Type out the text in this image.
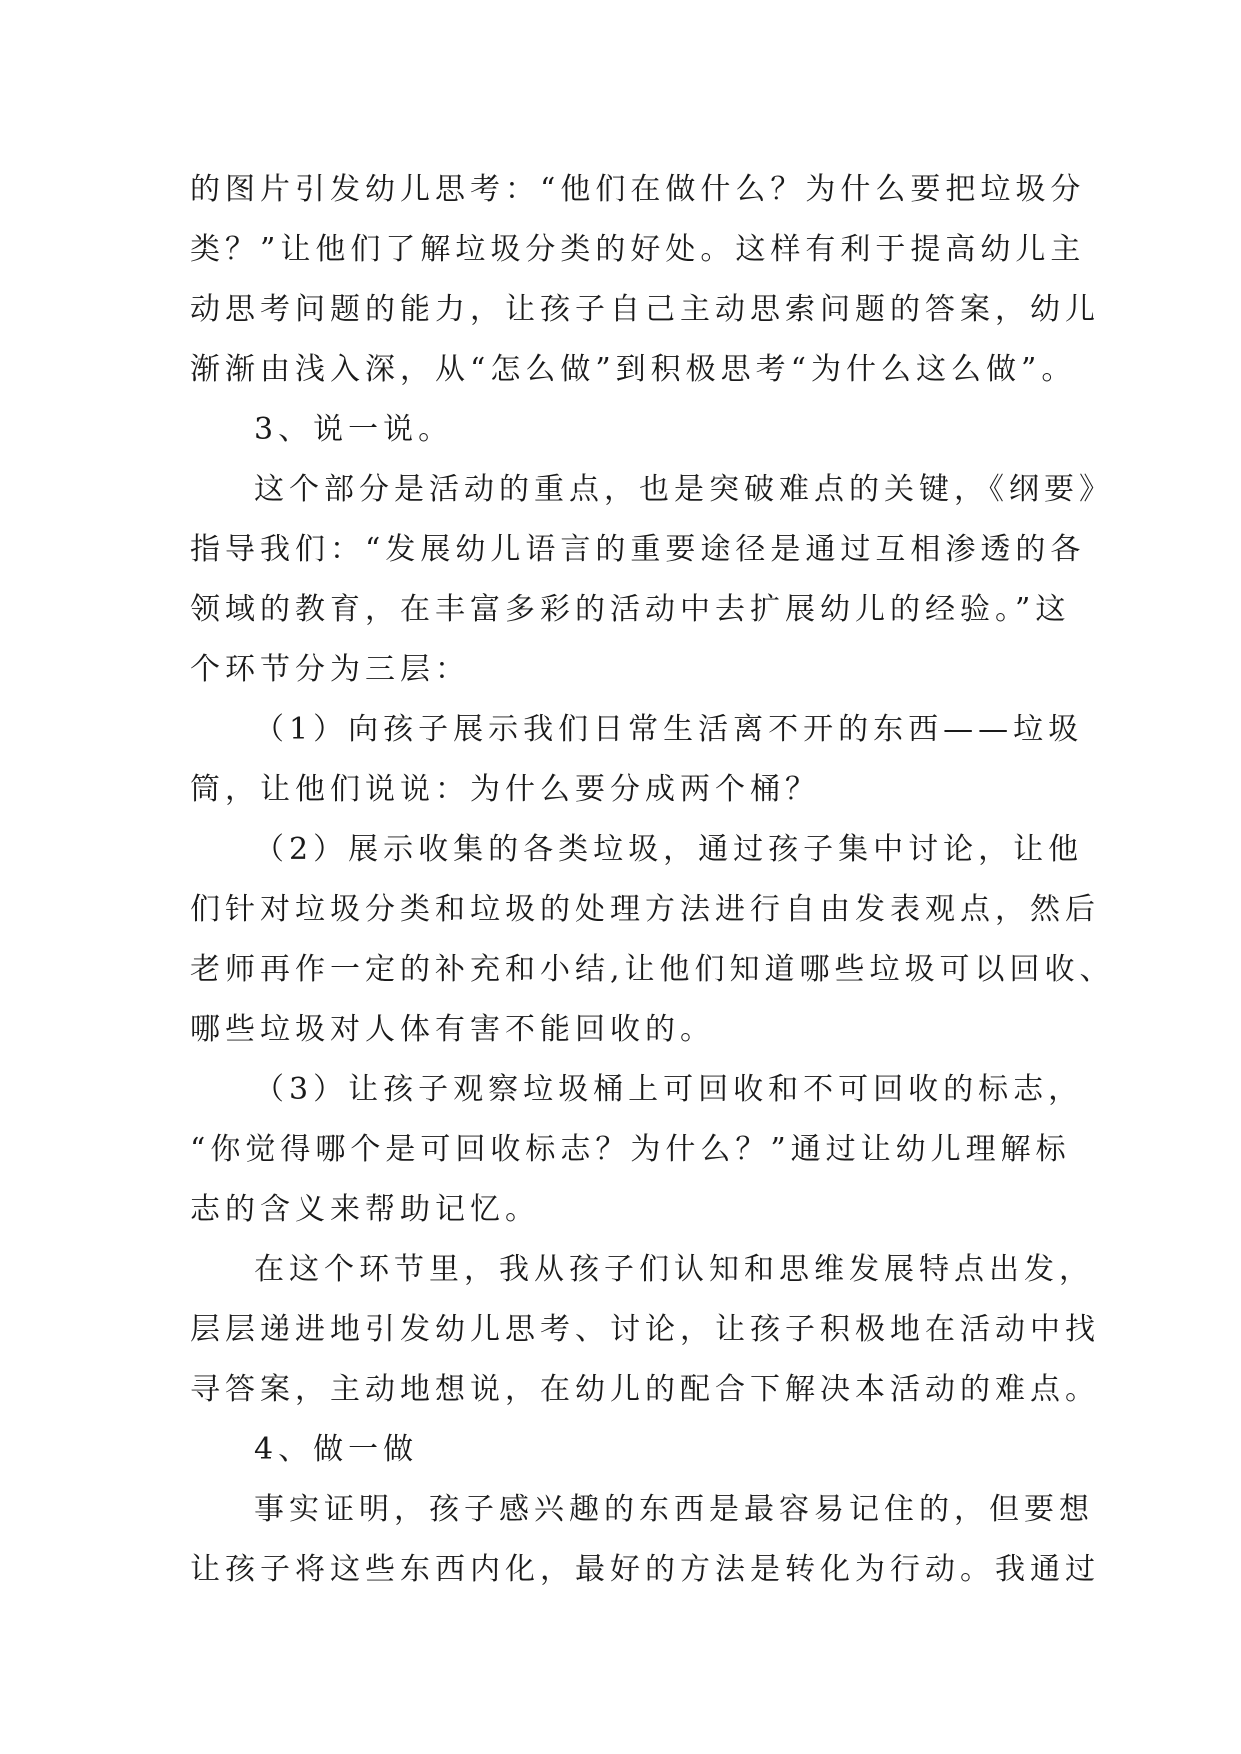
的图片引发幼儿思考：“他们在做什么？为什么要把垃圾分
类？”让他们了解垃圾分类的好处。这样有利于提高幼儿主
动思考问题的能力，让孩子自己主动思索问题的答案，幼儿
渐渐由浅入深，从“怎么做”到积极思考“为什么这么做”。
3、说一说。
这个部分是活动的重点，也是突破难点的关键，《纲要》
指导我们：“发展幼儿语言的重要途径是通过互相渗透的各
领域的教育，在丰富多彩的活动中去扩展幼儿的经验。”这
个环节分为三层：
（1）向孩子展示我们日常生活离不开的东西——垃圾
筒，让他们说说：为什么要分成两个桶？
（2）展示收集的各类垃圾，通过孩子集中讨论，让他
们针对垃圾分类和垃圾的处理方法进行自由发表观点，然后
老师再作一定的补充和小结,让他们知道哪些垃圾可以回收、
哪些垃圾对人体有害不能回收的。
（3）让孩子观察垃圾桶上可回收和不可回收的标志，
“你觉得哪个是可回收标志？为什么？”通过让幼儿理解标
志的含义来帮助记忆。
在这个环节里，我从孩子们认知和思维发展特点出发，
层层递进地引发幼儿思考、讨论，让孩子积极地在活动中找
寻答案，主动地想说，在幼儿的配合下解决本活动的难点。
4、做一做
事实证明，孩子感兴趣的东西是最容易记住的，但要想
让孩子将这些东西内化，最好的方法是转化为行动。我通过
